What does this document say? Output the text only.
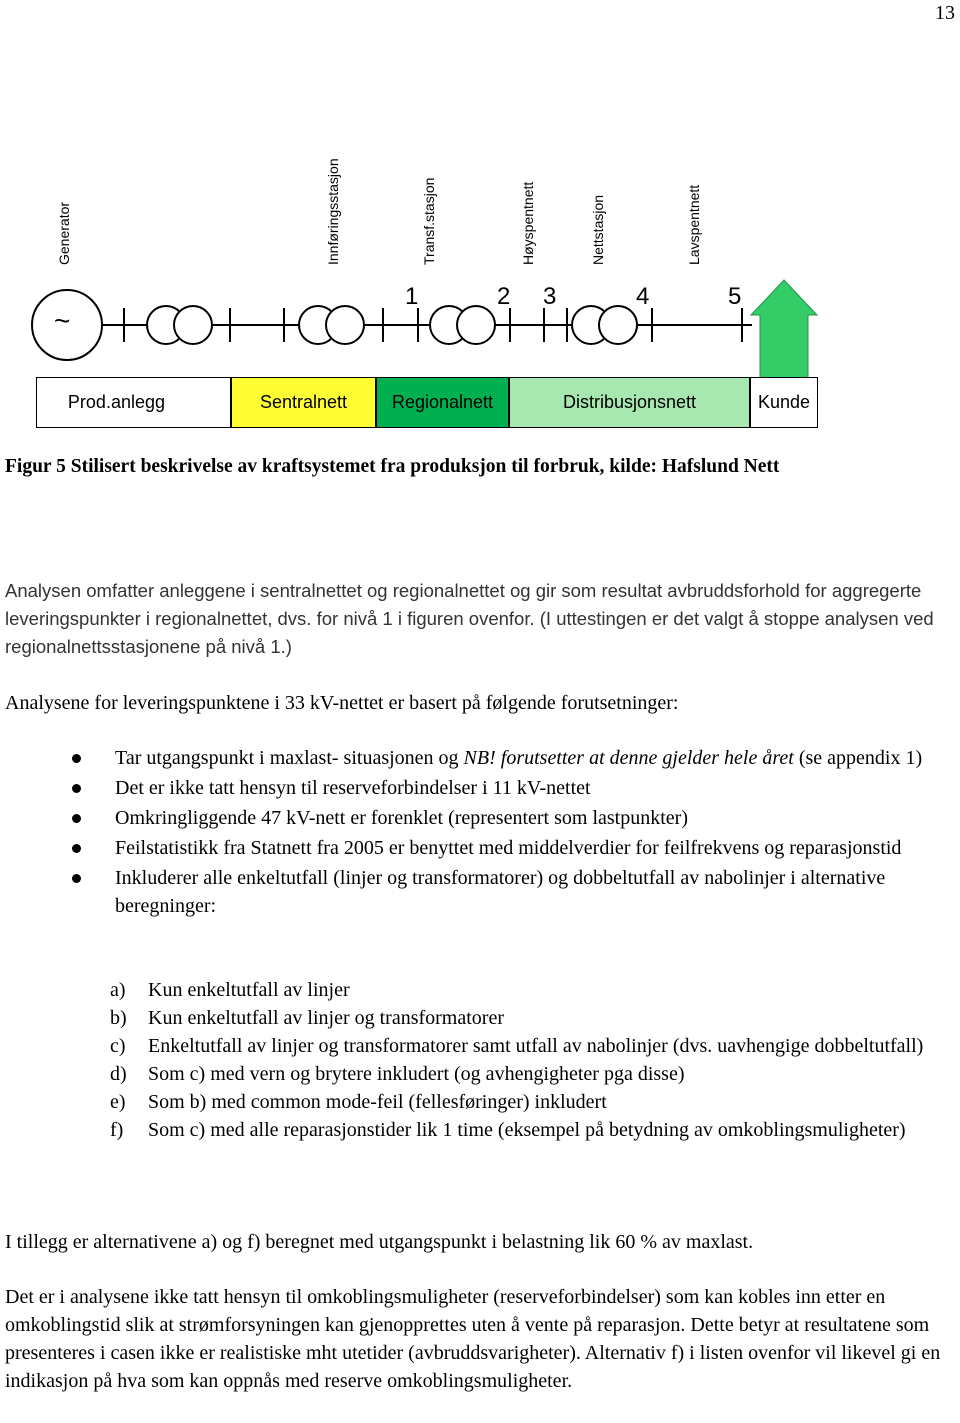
13
Generator	Innføringsstasjon	Transf.stasjon	Høyspentnett	Nettstasjon	Lavspentnett
1	2 3	4	5
~
Prod.anlegg	Sentralnett	Regionalnett	Distribusjonsnett	Kunde
Figur 5 Stilisert beskrivelse av kraftsystemet fra produksjon til forbruk, kilde: Hafslund Nett
Analysen omfatter anleggene i sentralnettet og regionalnettet og gir som resultat avbruddsforhold for aggregerte leveringspunkter i regionalnettet, dvs. for nivå 1 i figuren ovenfor. (I uttestingen er det valgt å stoppe analysen ved regionalnettsstasjonene på nivå 1.)
Analysene for leveringspunktene i 33 kV-nettet er basert på følgende forutsetninger:
Tar utgangspunkt i maxlast- situasjonen og NB! forutsetter at denne gjelder hele året (se appendix 1)
Det er ikke tatt hensyn til reserveforbindelser i 11 kV-nettet
Omkringliggende 47 kV-nett er forenklet (representert som lastpunkter)
Feilstatistikk fra Statnett fra 2005 er benyttet med middelverdier for feilfrekvens og reparasjonstid
Inkluderer alle enkeltutfall (linjer og transformatorer) og dobbeltutfall av nabolinjer i alternative beregninger:
a) Kun enkeltutfall av linjer
b) Kun enkeltutfall av linjer og transformatorer
c) Enkeltutfall av linjer og transformatorer samt utfall av nabolinjer (dvs. uavhengige dobbeltutfall)
d) Som c) med vern og brytere inkludert (og avhengigheter pga disse)
e) Som b) med common mode-feil (fellesføringer) inkludert
f) Som c) med alle reparasjonstider lik 1 time (eksempel på betydning av omkoblingsmuligheter)
I tillegg er alternativene a) og f) beregnet med utgangspunkt i belastning lik 60 % av maxlast.
Det er i analysene ikke tatt hensyn til omkoblingsmuligheter (reserveforbindelser) som kan kobles inn etter en omkoblingstid slik at strømforsyningen kan gjenopprettes uten å vente på reparasjon. Dette betyr at resultatene som presenteres i casen ikke er realistiske mht utetider (avbruddsvarigheter). Alternativ f) i listen ovenfor vil likevel gi en indikasjon på hva som kan oppnås med reserve omkoblingsmuligheter.
